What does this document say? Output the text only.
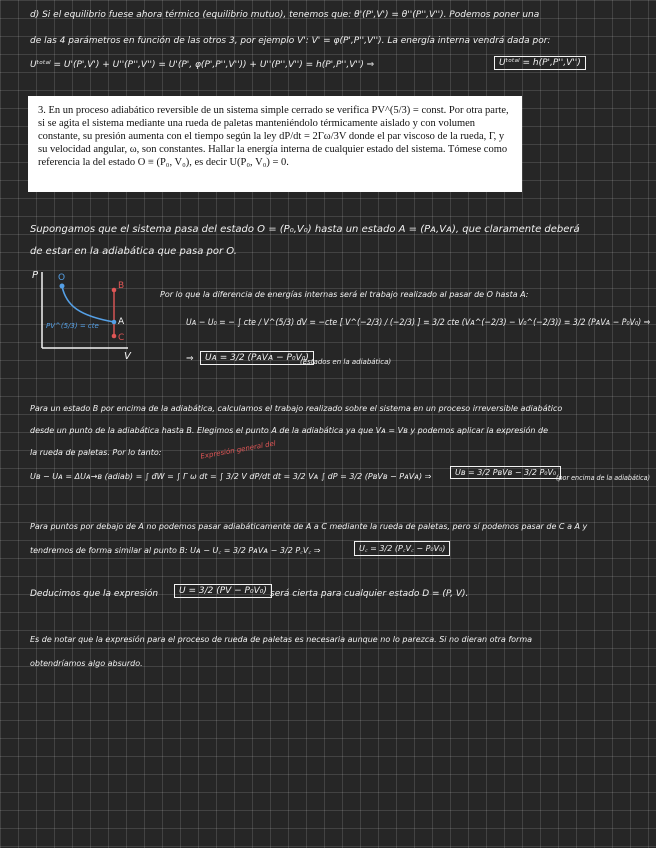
d) Si el equilibrio fuese ahora térmico (equilibrio mutuo), tenemos que: θ'(P',V') = θ''(P'',V''). Podemos poner una
de las 4 parámetros en función de las otros 3, por ejemplo V': V' = φ(P',P'',V''). La energía interna vendrá dada por:
Uᵗᵒᵗᵃˡ = U'(P',V') + U''(P'',V'') = U'(P', φ(P',P'',V'')) + U''(P'',V'') = h(P',P'',V'') ⇒	Uᵗᵒᵗᵃˡ = h(P',P'',V'')

3. En un proceso adiabático reversible de un sistema simple cerrado se verifica PV^(5/3) = const. Por otra parte, si se agita el sistema mediante una rueda de paletas manteniéndolo térmicamente aislado y con volumen constante, su presión aumenta con el tiempo según la ley dP/dt = 2Γω/3V donde el par viscoso de la rueda, Γ, y su velocidad angular, ω, son constantes. Hallar la energía interna de cualquier estado del sistema. Tómese como referencia la del estado O ≡ (P₀, V₀), es decir U(P₀, V₀) = 0.

Supongamos que el sistema pasa del estado O = (P₀,V₀) hasta un estado A = (Pᴀ,Vᴀ), que claramente deberá
de estar en la adiabática que pasa por O.
P
V
O
B
A
C
PV^(5/3) = cte
Por lo que la diferencia de energías internas será el trabajo realizado al pasar de O hasta A:
Uᴀ − U₀ = − ∫ cte / V^(5/3) dV = −cte [ V^(−2/3) / (−2/3) ] = 3/2 cte (Vᴀ^(−2/3) − V₀^(−2/3)) = 3/2 (PᴀVᴀ − P₀V₀) ⇒
⇒	Uᴀ = 3/2 (PᴀVᴀ − P₀V₀)
(Estados en la adiabática)
Para un estado B por encima de la adiabática, calculamos el trabajo realizado sobre el sistema en un proceso irreversible adiabático
desde un punto de la adiabática hasta B. Elegimos el punto A de la adiabática ya que Vᴀ = Vʙ y podemos aplicar la expresión de
la rueda de paletas. Por lo tanto:	Expresión general del
Uʙ − Uᴀ = ΔUᴀ→ʙ (adiab) = ∫ đW = ∫ Γ ω dt = ∫ 3/2 V dP/dt dt = 3/2 Vᴀ ∫ dP = 3/2 (PʙVʙ − PᴀVᴀ) ⇒	Uʙ = 3/2 PʙVʙ − 3/2 P₀V₀
(por encima de la adiabática)
Para puntos por debajo de A no podemos pasar adiabáticamente de A a C mediante la rueda de paletas, pero sí podemos pasar de C a A y
tendremos de forma similar al punto B: Uᴀ − U꜀ = 3/2 PᴀVᴀ − 3/2 P꜀V꜀ ⇒	U꜀ = 3/2 (P꜀V꜀ − P₀V₀)
Deducimos que la expresión	U = 3/2 (PV − P₀V₀) será cierta para cualquier estado D = (P, V).
Es de notar que la expresión para el proceso de rueda de paletas es necesaria aunque no lo parezca. Si no dieran otra forma
obtendríamos algo absurdo.
